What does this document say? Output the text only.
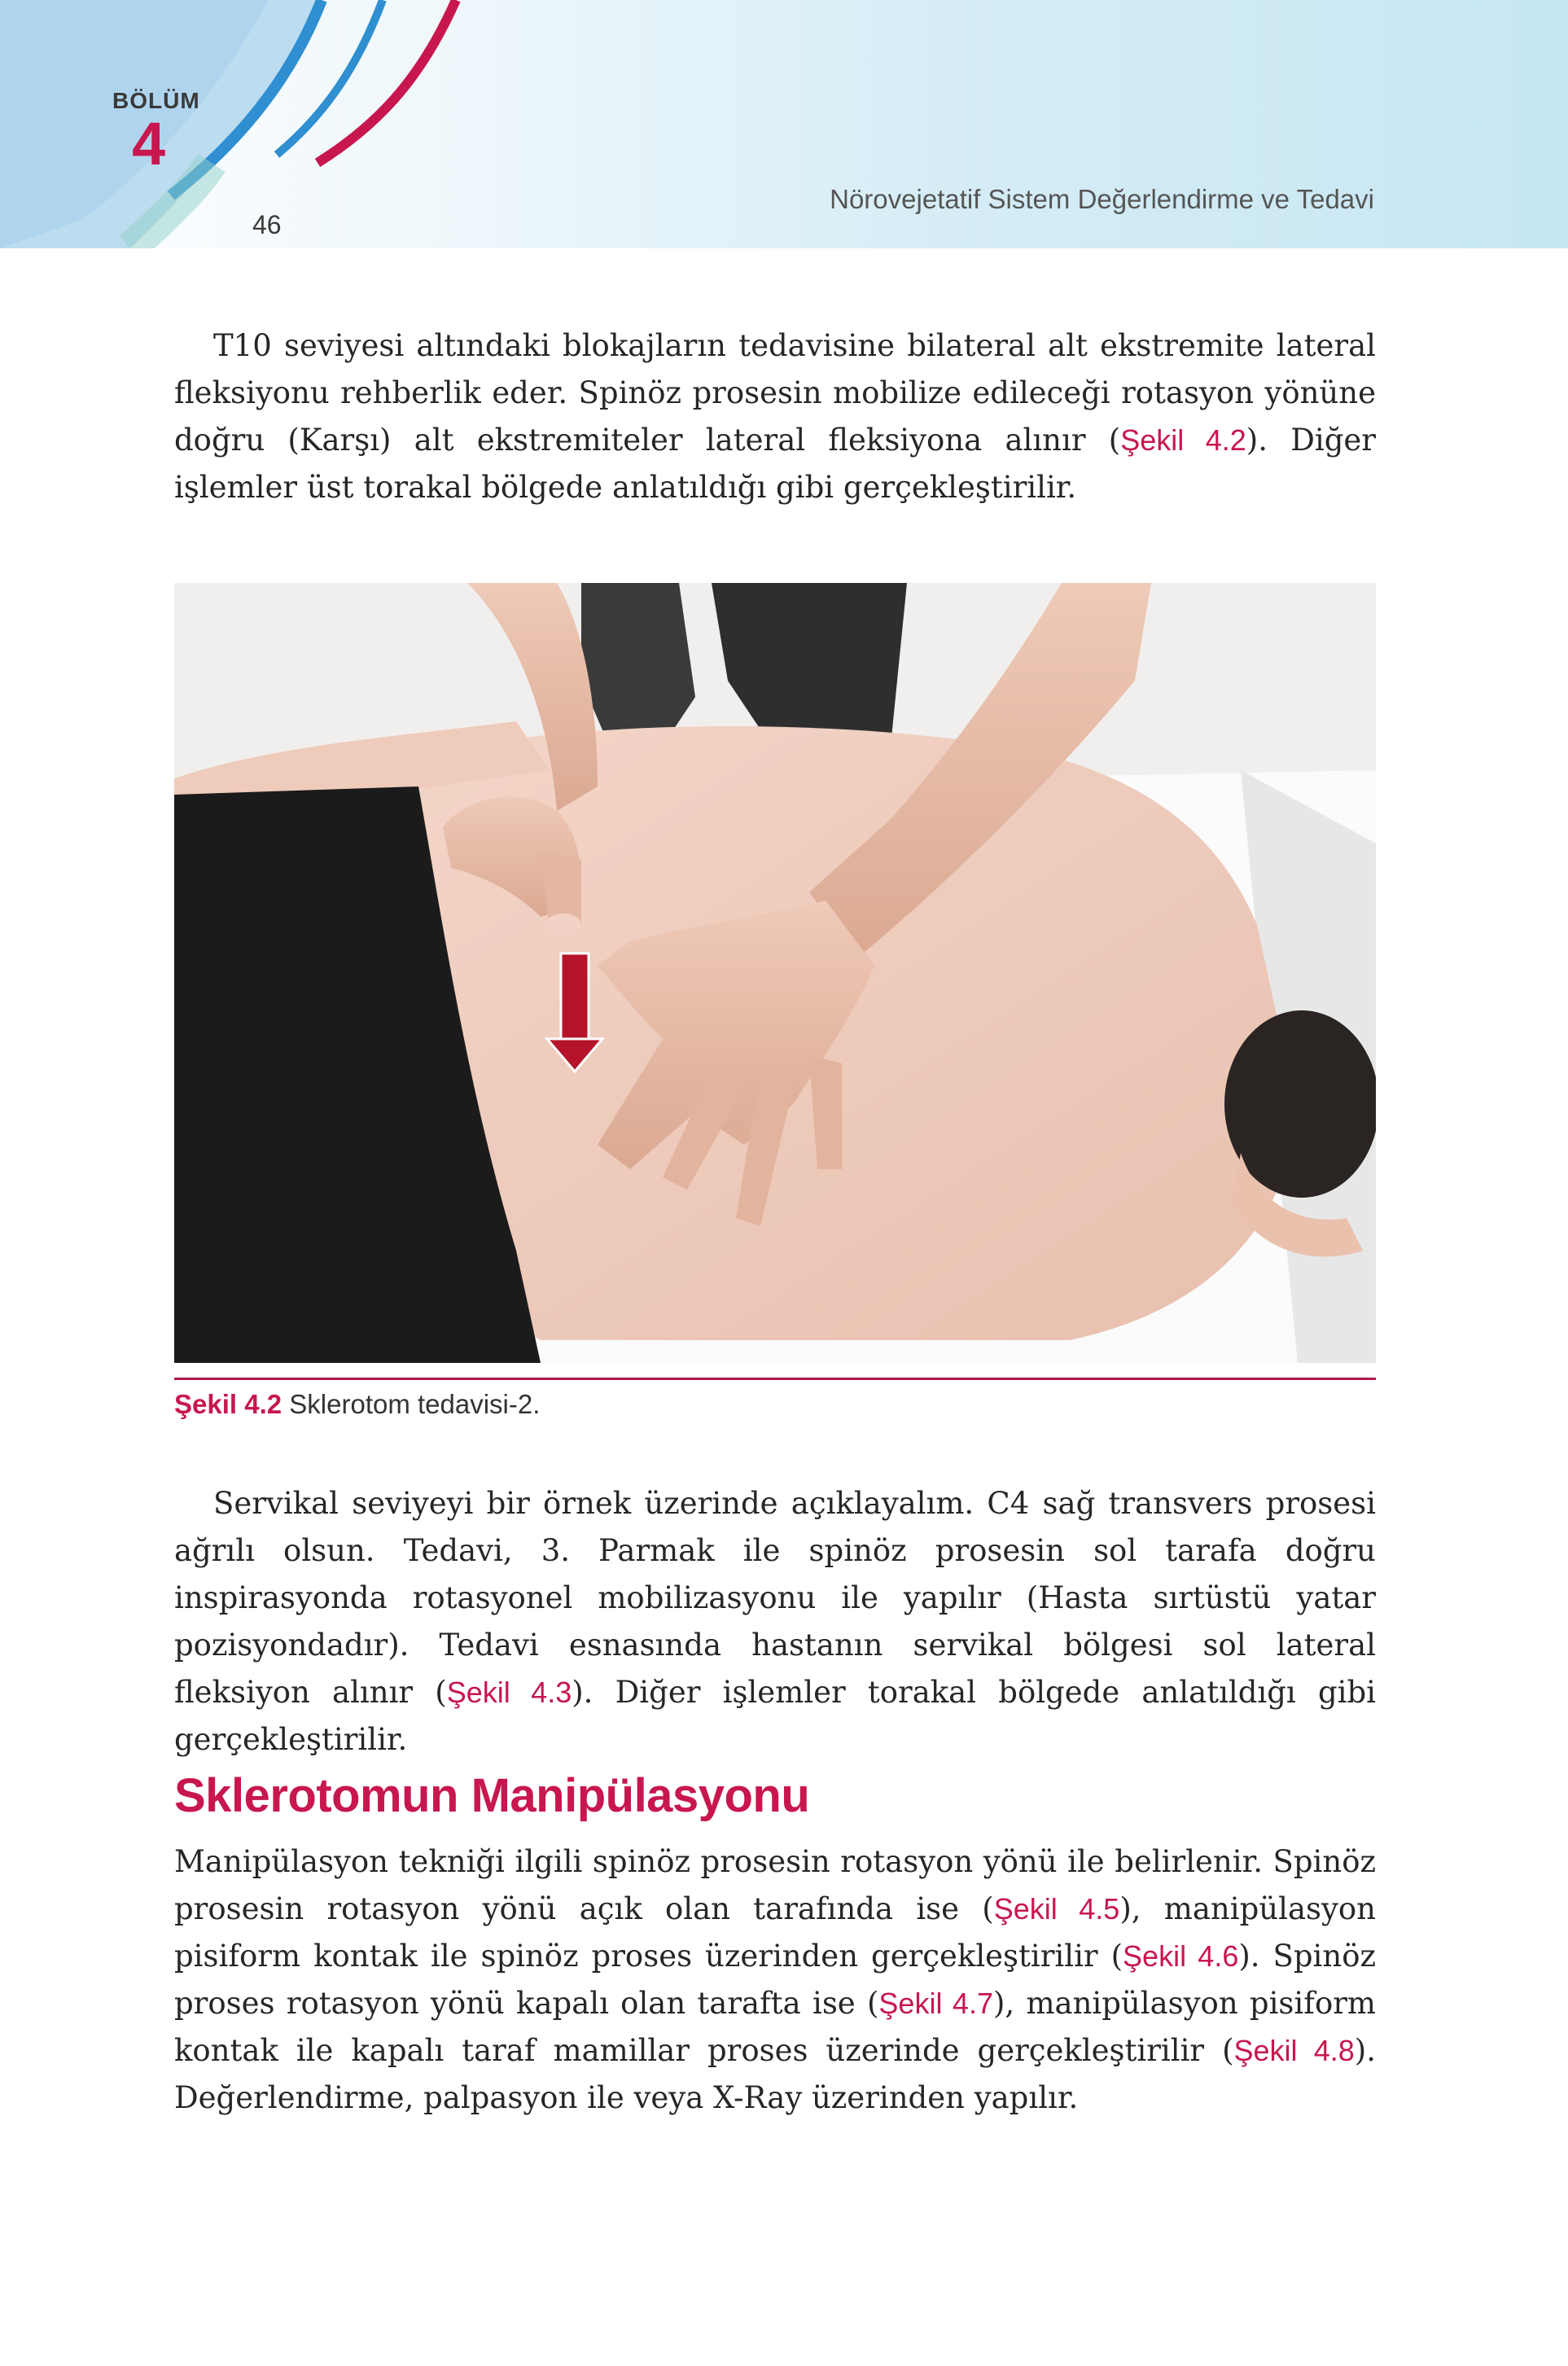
BÖLÜM
4
46
Nörovejetatif Sistem Değerlendirme ve Tedavi

T10 seviyesi altındaki blokajların tedavisine bilateral alt ekstremite lateral fleksiyonu rehberlik eder. Spinöz prosesin mobilize edileceği rotasyon yönüne doğru (Karşı) alt ekstremiteler lateral fleksiyona alınır (Şekil 4.2). Diğer işlemler üst torakal bölgede anlatıldığı gibi gerçekleştirilir.

Şekil 4.2 Sklerotom tedavisi-2.

Servikal seviyeyi bir örnek üzerinde açıklayalım. C4 sağ transvers prosesi ağrılı olsun. Tedavi, 3. Parmak ile spinöz prosesin sol tarafa doğru inspirasyonda rotasyonel mobilizasyonu ile yapılır (Hasta sırtüstü yatar pozisyondadır). Tedavi esnasında hastanın servikal bölgesi sol lateral fleksiyon alınır (Şekil 4.3). Diğer işlemler torakal bölgede anlatıldığı gibi gerçekleştirilir.

Sklerotomun Manipülasyonu

Manipülasyon tekniği ilgili spinöz prosesin rotasyon yönü ile belirlenir. Spinöz prosesin rotasyon yönü açık olan tarafında ise (Şekil 4.5), manipülasyon pisiform kontak ile spinöz proses üzerinden gerçekleştirilir (Şekil 4.6). Spinöz proses rotasyon yönü kapalı olan tarafta ise (Şekil 4.7), manipülasyon pisiform kontak ile kapalı taraf mamillar proses üzerinde gerçekleştirilir (Şekil 4.8). Değerlendirme, palpasyon ile veya X-Ray üzerinden yapılır.
